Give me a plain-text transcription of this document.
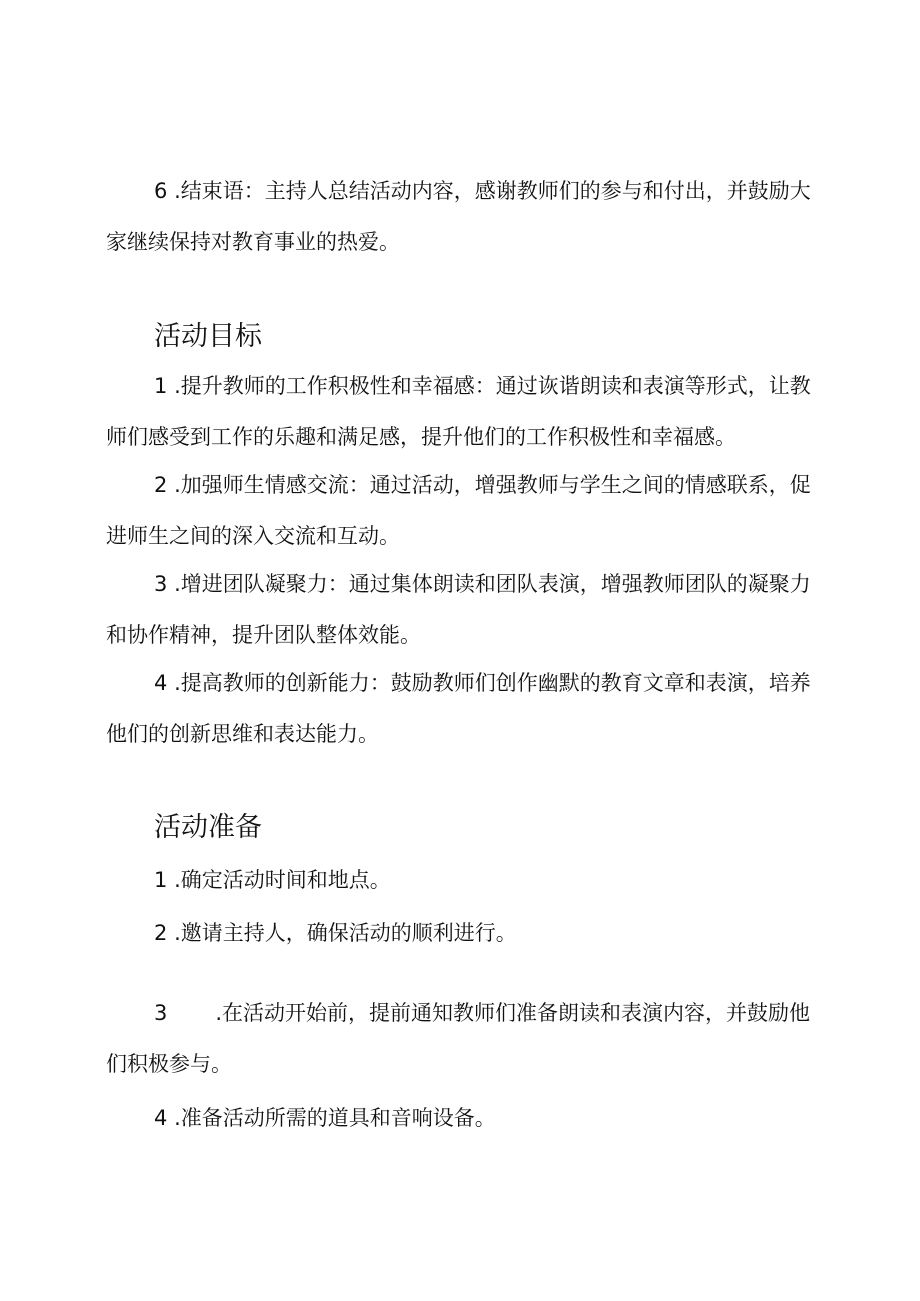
6 .结束语：主持人总结活动内容，感谢教师们的参与和付出，并鼓励大家继续保持对教育事业的热爱。

活动目标

1 .提升教师的工作积极性和幸福感：通过诙谐朗读和表演等形式，让教师们感受到工作的乐趣和满足感，提升他们的工作积极性和幸福感。

2 .加强师生情感交流：通过活动，增强教师与学生之间的情感联系，促进师生之间的深入交流和互动。

3 .增进团队凝聚力：通过集体朗读和团队表演，增强教师团队的凝聚力和协作精神，提升团队整体效能。

4 .提高教师的创新能力：鼓励教师们创作幽默的教育文章和表演，培养他们的创新思维和表达能力。

活动准备

1 .确定活动时间和地点。

2 .邀请主持人，确保活动的顺利进行。

3 .在活动开始前，提前通知教师们准备朗读和表演内容，并鼓励他们积极参与。

4 .准备活动所需的道具和音响设备。
